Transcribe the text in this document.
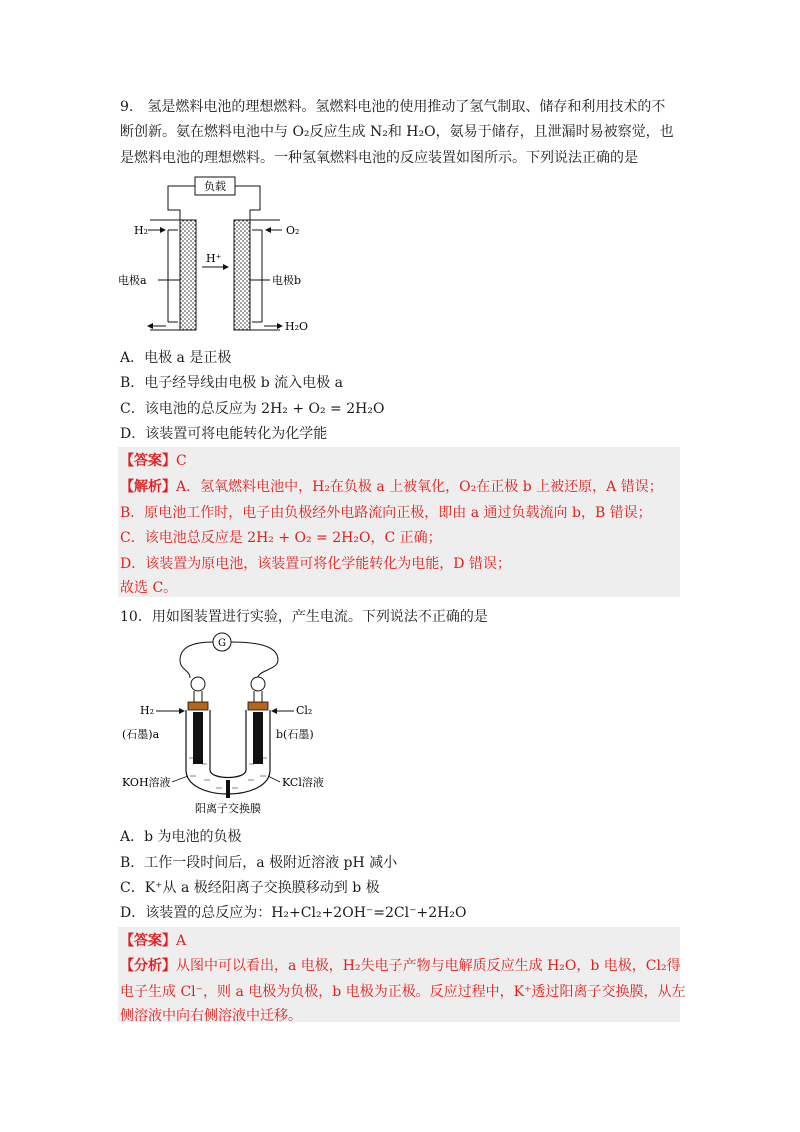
9.　氢是燃料电池的理想燃料。氢燃料电池的使用推动了氢气制取、储存和利用技术的不
断创新。氨在燃料电池中与 O₂反应生成 N₂和 H₂O，氨易于储存，且泄漏时易被察觉，也
是燃料电池的理想燃料。一种氢氧燃料电池的反应装置如图所示。下列说法正确的是
负载
H⁺
H₂	O₂
电极a	电极b
H₂O
A．电极 a 是正极
B．电子经导线由电极 b 流入电极 a
C．该电池的总反应为 2H₂ + O₂ = 2H₂O
D．该装置可将电能转化为化学能
【答案】C
【解析】A．氢氧燃料电池中，H₂在负极 a 上被氧化，O₂在正极 b 上被还原，A 错误；
B．原电池工作时，电子由负极经外电路流向正极，即由 a 通过负载流向 b，B 错误；
C．该电池总反应是 2H₂ + O₂ = 2H₂O，C 正确；
D．该装置为原电池，该装置可将化学能转化为电能，D 错误；
故选 C。
10．用如图装置进行实验，产生电流。下列说法不正确的是
G
H₂	Cl₂
(石墨)a	b(石墨)
KOH溶液	KCl溶液
阳离子交换膜
A．b 为电池的负极
B．工作一段时间后，a 极附近溶液 pH 减小
C．K⁺从 a 极经阳离子交换膜移动到 b 极
D．该装置的总反应为：H₂+Cl₂+2OH⁻=2Cl⁻+2H₂O
【答案】A
【分析】从图中可以看出，a 电极，H₂失电子产物与电解质反应生成 H₂O，b 电极，Cl₂得
电子生成 Cl⁻，则 a 电极为负极，b 电极为正极。反应过程中，K⁺透过阳离子交换膜，从左
侧溶液中向右侧溶液中迁移。
